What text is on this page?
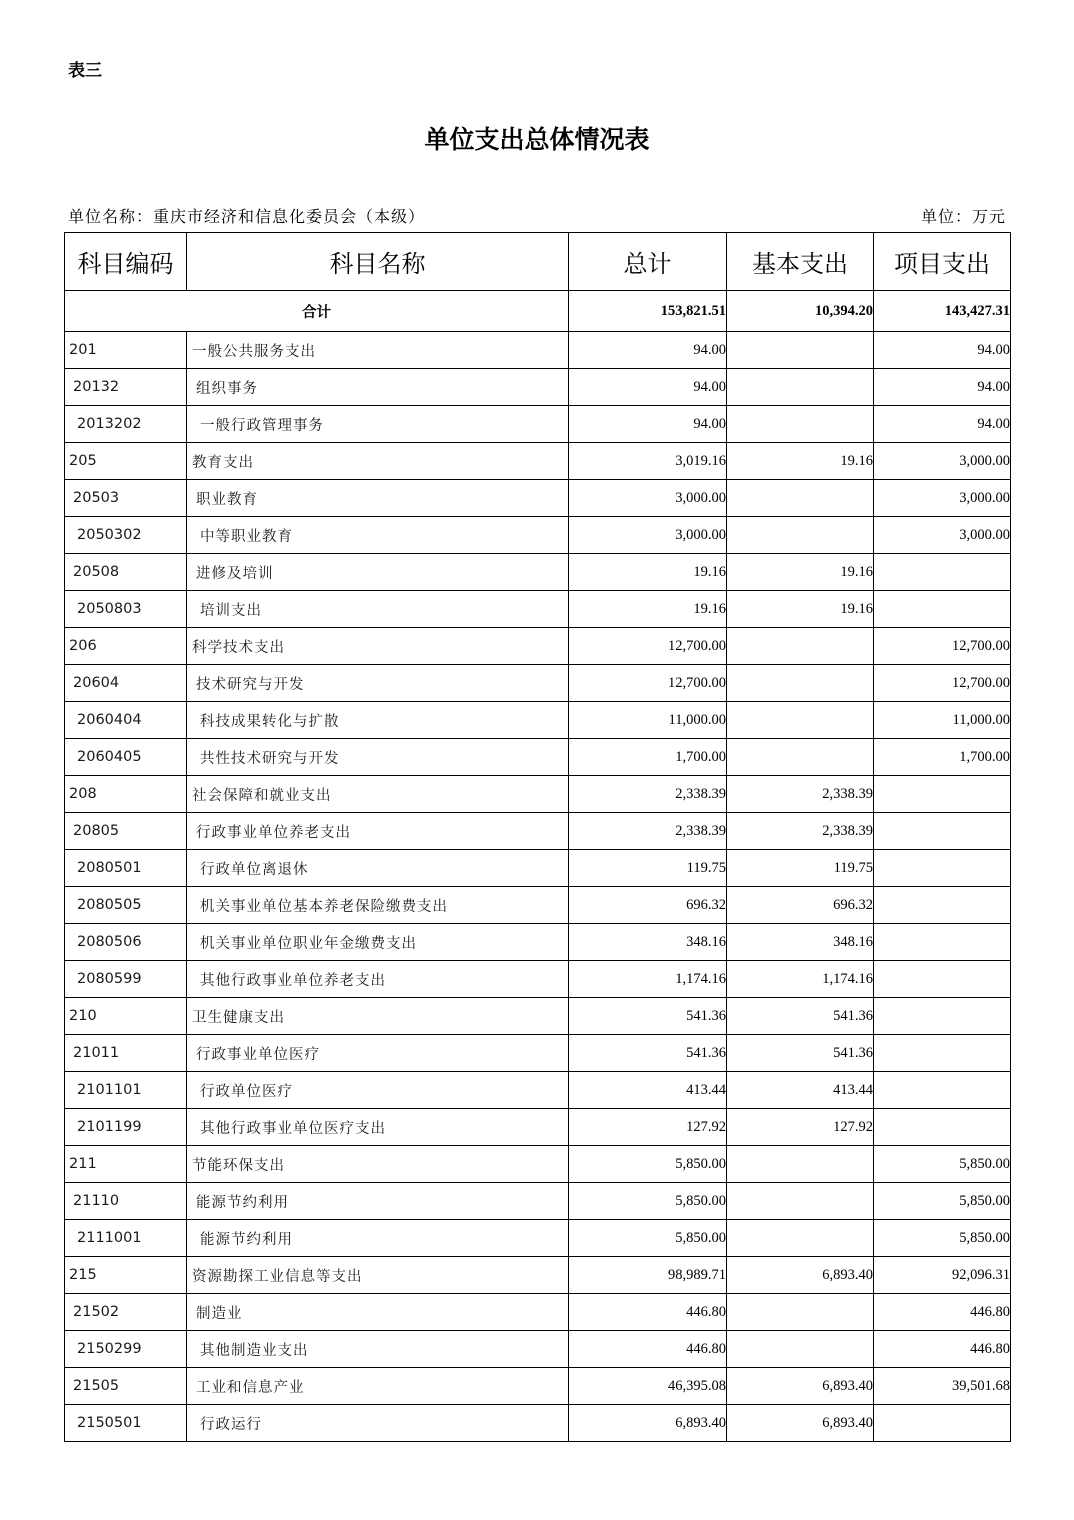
表三
单位支出总体情况表
单位名称：重庆市经济和信息化委员会（本级）	单位：万元
科目编码	科目名称	总计	基本支出	项目支出
合计		153,821.51	10,394.20	143,427.31
201	一般公共服务支出	94.00		94.00
20132	组织事务	94.00		94.00
2013202	一般行政管理事务	94.00		94.00
205	教育支出	3,019.16	19.16	3,000.00
20503	职业教育	3,000.00		3,000.00
2050302	中等职业教育	3,000.00		3,000.00
20508	进修及培训	19.16	19.16	
2050803	培训支出	19.16	19.16	
206	科学技术支出	12,700.00		12,700.00
20604	技术研究与开发	12,700.00		12,700.00
2060404	科技成果转化与扩散	11,000.00		11,000.00
2060405	共性技术研究与开发	1,700.00		1,700.00
208	社会保障和就业支出	2,338.39	2,338.39	
20805	行政事业单位养老支出	2,338.39	2,338.39	
2080501	行政单位离退休	119.75	119.75	
2080505	机关事业单位基本养老保险缴费支出	696.32	696.32	
2080506	机关事业单位职业年金缴费支出	348.16	348.16	
2080599	其他行政事业单位养老支出	1,174.16	1,174.16	
210	卫生健康支出	541.36	541.36	
21011	行政事业单位医疗	541.36	541.36	
2101101	行政单位医疗	413.44	413.44	
2101199	其他行政事业单位医疗支出	127.92	127.92	
211	节能环保支出	5,850.00		5,850.00
21110	能源节约利用	5,850.00		5,850.00
2111001	能源节约利用	5,850.00		5,850.00
215	资源勘探工业信息等支出	98,989.71	6,893.40	92,096.31
21502	制造业	446.80		446.80
2150299	其他制造业支出	446.80		446.80
21505	工业和信息产业	46,395.08	6,893.40	39,501.68
2150501	行政运行	6,893.40	6,893.40	
